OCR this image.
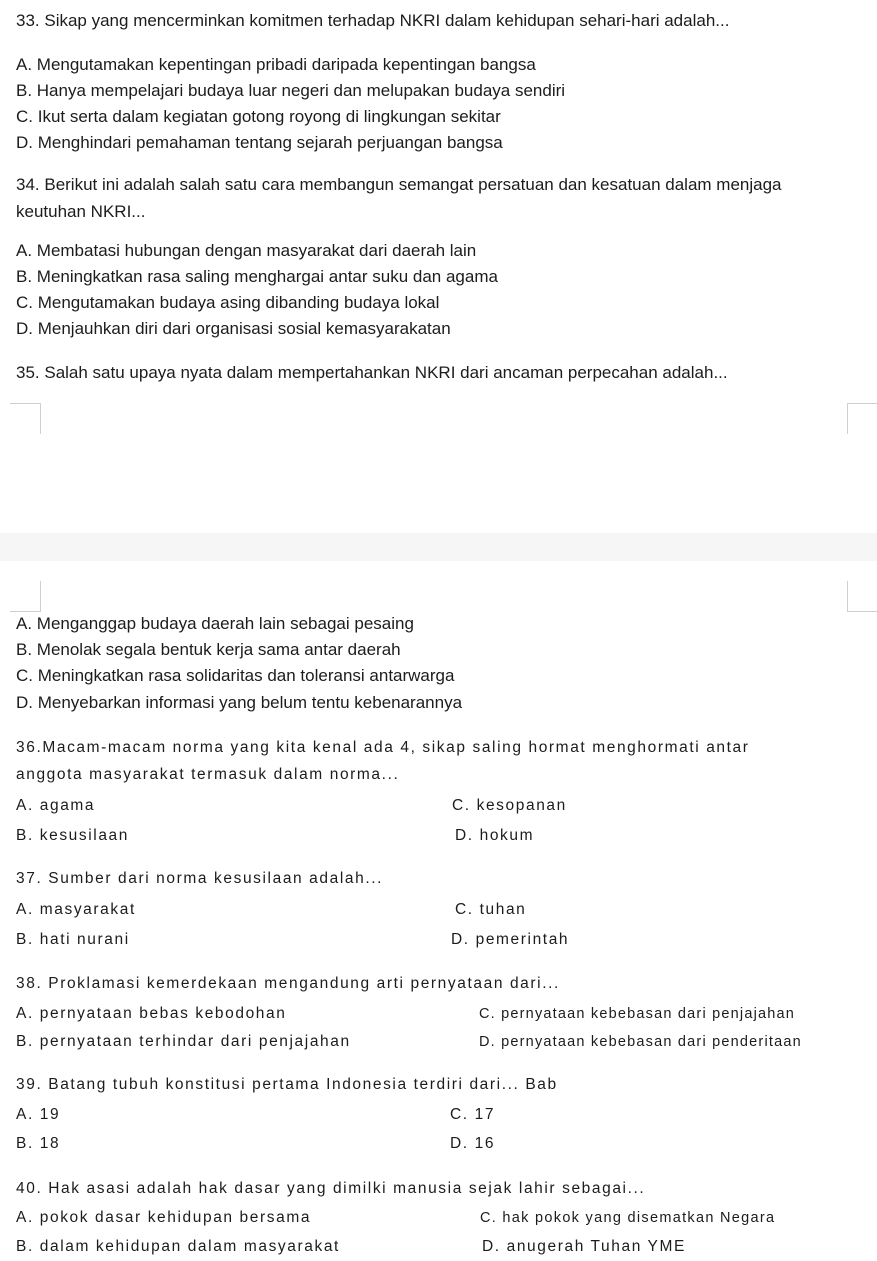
33. Sikap yang mencerminkan komitmen terhadap NKRI dalam kehidupan sehari-hari adalah...
A. Mengutamakan kepentingan pribadi daripada kepentingan bangsa
B. Hanya mempelajari budaya luar negeri dan melupakan budaya sendiri
C. Ikut serta dalam kegiatan gotong royong di lingkungan sekitar
D. Menghindari pemahaman tentang sejarah perjuangan bangsa
34. Berikut ini adalah salah satu cara membangun semangat persatuan dan kesatuan dalam menjaga
keutuhan NKRI...
A. Membatasi hubungan dengan masyarakat dari daerah lain
B. Meningkatkan rasa saling menghargai antar suku dan agama
C. Mengutamakan budaya asing dibanding budaya lokal
D. Menjauhkan diri dari organisasi sosial kemasyarakatan
35. Salah satu upaya nyata dalam mempertahankan NKRI dari ancaman perpecahan adalah...
A. Menganggap budaya daerah lain sebagai pesaing
B. Menolak segala bentuk kerja sama antar daerah
C. Meningkatkan rasa solidaritas dan toleransi antarwarga
D. Menyebarkan informasi yang belum tentu kebenarannya
36.Macam-macam norma yang kita kenal ada 4, sikap saling hormat menghormati antar
anggota masyarakat termasuk dalam norma...
A. agama	C. kesopanan
B. kesusilaan	D. hokum
37. Sumber dari norma kesusilaan adalah...
A. masyarakat	C. tuhan
B. hati nurani	D. pemerintah
38. Proklamasi kemerdekaan mengandung arti pernyataan dari...
A. pernyataan bebas kebodohan	C. pernyataan kebebasan dari penjajahan
B. pernyataan terhindar dari penjajahan	D. pernyataan kebebasan dari penderitaan
39. Batang tubuh konstitusi pertama Indonesia terdiri dari... Bab
A. 19	C. 17
B. 18	D. 16
40. Hak asasi adalah hak dasar yang dimilki manusia sejak lahir sebagai...
A. pokok dasar kehidupan bersama	C. hak pokok yang disematkan Negara
B. dalam kehidupan dalam masyarakat	D. anugerah Tuhan YME
